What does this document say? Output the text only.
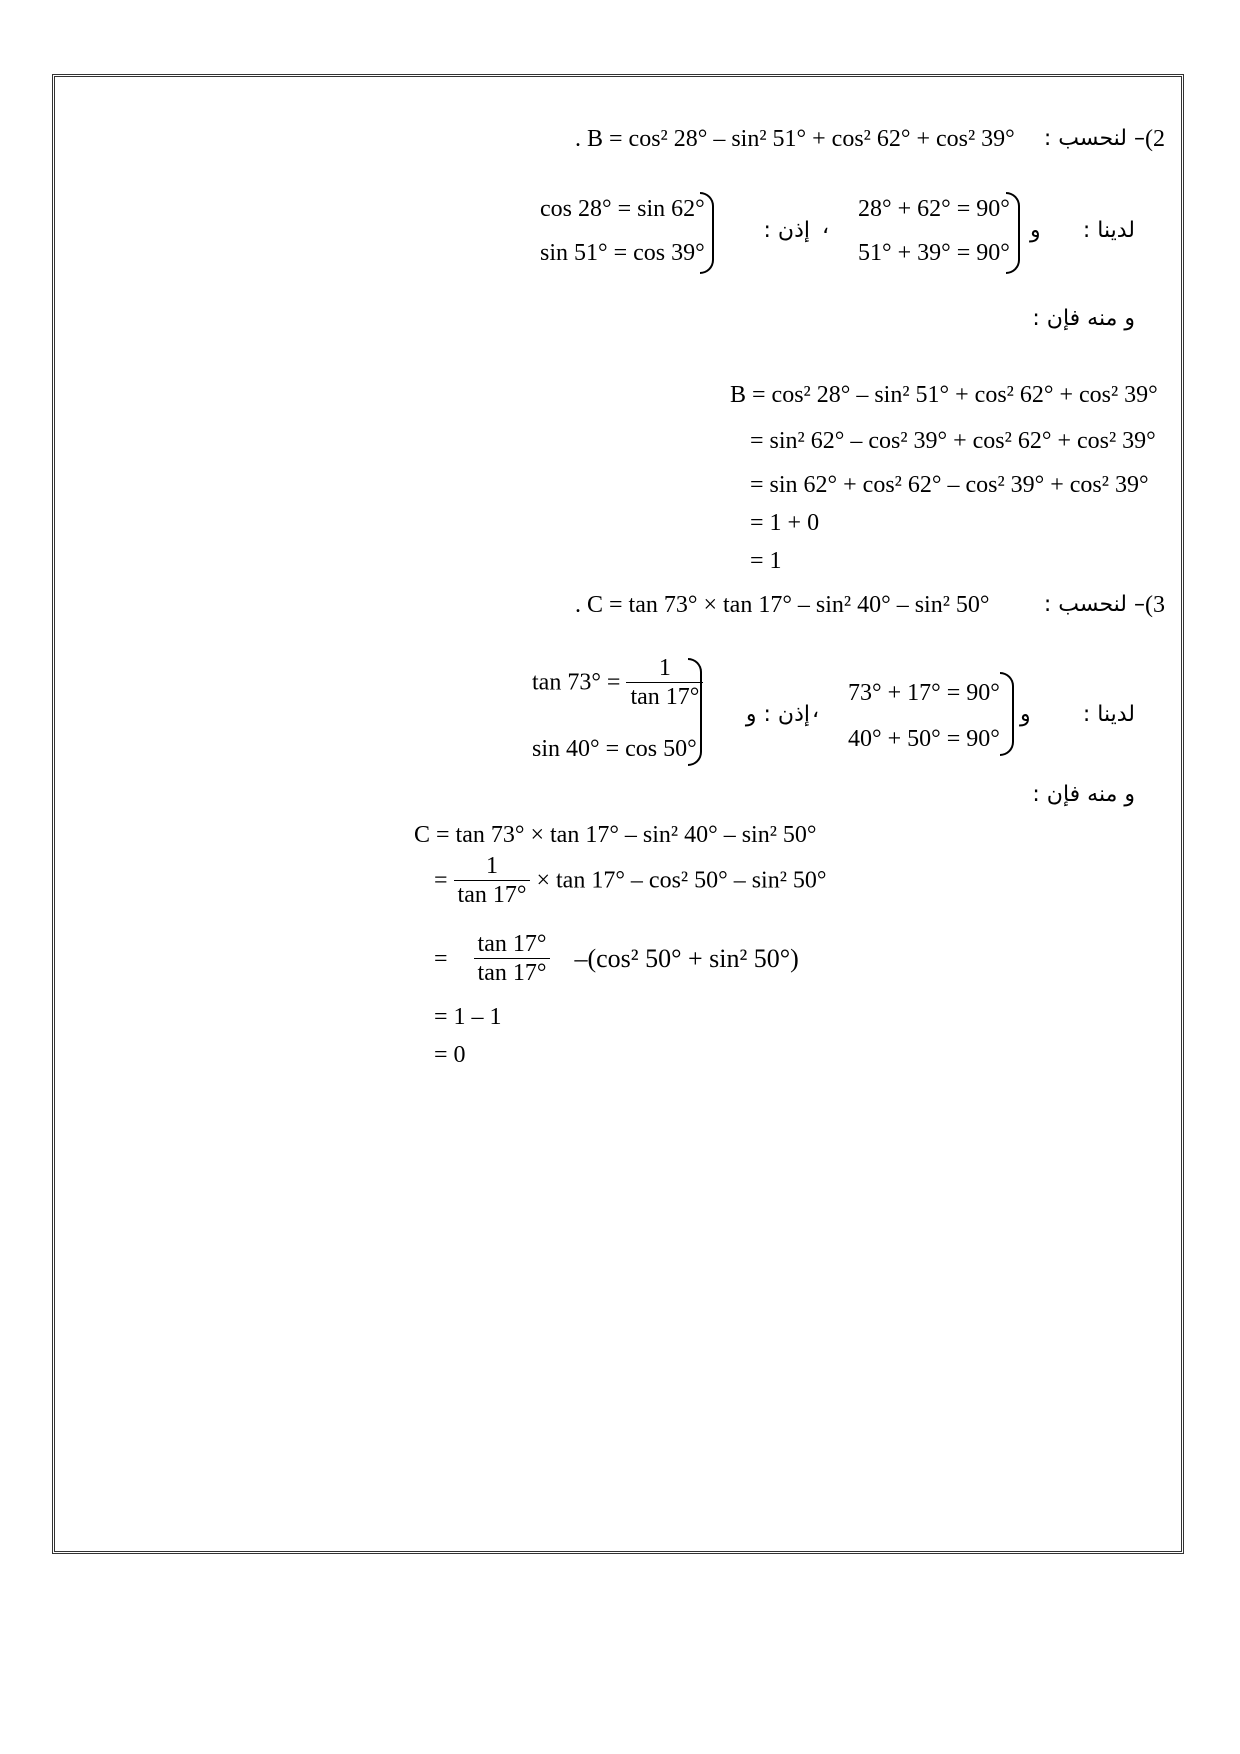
(2
– لنحسب :
. B = cos² 28° – sin² 51° + cos² 62° + cos² 39°
لدينا :
و
28° + 62° = 90°
51° + 39° = 90°
،
إذن :
cos 28° = sin 62°
sin 51° = cos 39°
و منه فإن :
B = cos² 28° – sin² 51° + cos² 62° + cos² 39°
= sin² 62° – cos² 39° + cos² 62° + cos² 39°
= sin 62° + cos² 62° – cos² 39° + cos² 39°
= 1 + 0
= 1
(3
– لنحسب :
. C = tan 73° × tan 17° – sin² 40° – sin² 50°
لدينا :
و
73° + 17° = 90°
40° + 50° = 90°
،
إذن : و
$\tan 73^\circ = \frac{1}{\tan 17^\circ}$
sin 40° = cos 50°
و منه فإن :
C = tan 73° × tan 17° – sin² 40° – sin² 50°
= $\frac{1}{\tan 17^\circ} \times \tan 17^\circ - \cos^2$ 50° – sin² 50°
= $\frac{\tan 17^\circ}{\tan 17^\circ} -(\cos^2$ 50° + sin² 50°)
= 1 – 1
= 0
